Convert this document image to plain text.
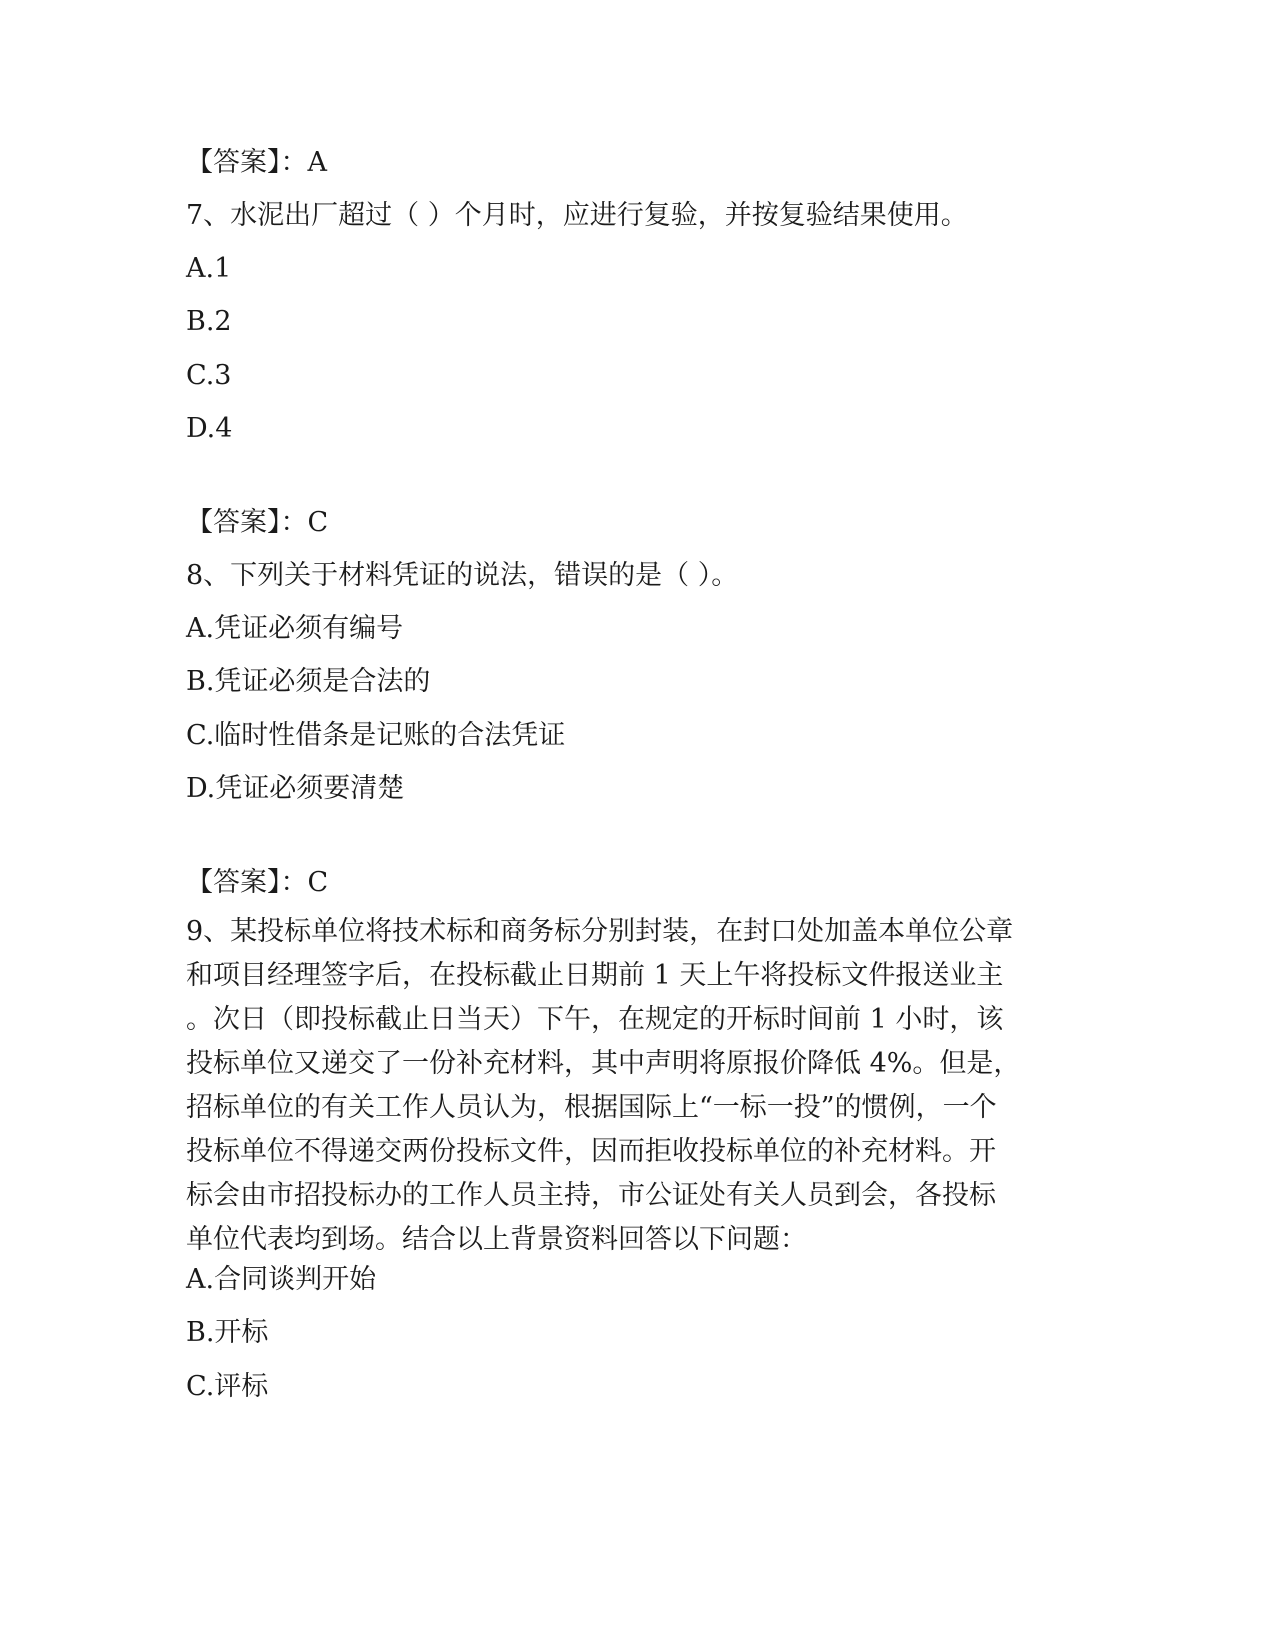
【答案】：A
7、水泥出厂超过（ ）个月时，应进行复验，并按复验结果使用。
A.1
B.2
C.3
D.4
【答案】：C
8、下列关于材料凭证的说法，错误的是（ ）。
A.凭证必须有编号
B.凭证必须是合法的
C.临时性借条是记账的合法凭证
D.凭证必须要清楚
【答案】：C
9、某投标单位将技术标和商务标分别封装，在封口处加盖本单位公章
和项目经理签字后，在投标截止日期前 1 天上午将投标文件报送业主
。次日（即投标截止日当天）下午，在规定的开标时间前 1 小时，该
投标单位又递交了一份补充材料，其中声明将原报价降低 4%。但是，
招标单位的有关工作人员认为，根据国际上“一标一投”的惯例，一个
投标单位不得递交两份投标文件，因而拒收投标单位的补充材料。开
标会由市招投标办的工作人员主持，市公证处有关人员到会，各投标
单位代表均到场。结合以上背景资料回答以下问题：
A.合同谈判开始
B.开标
C.评标
